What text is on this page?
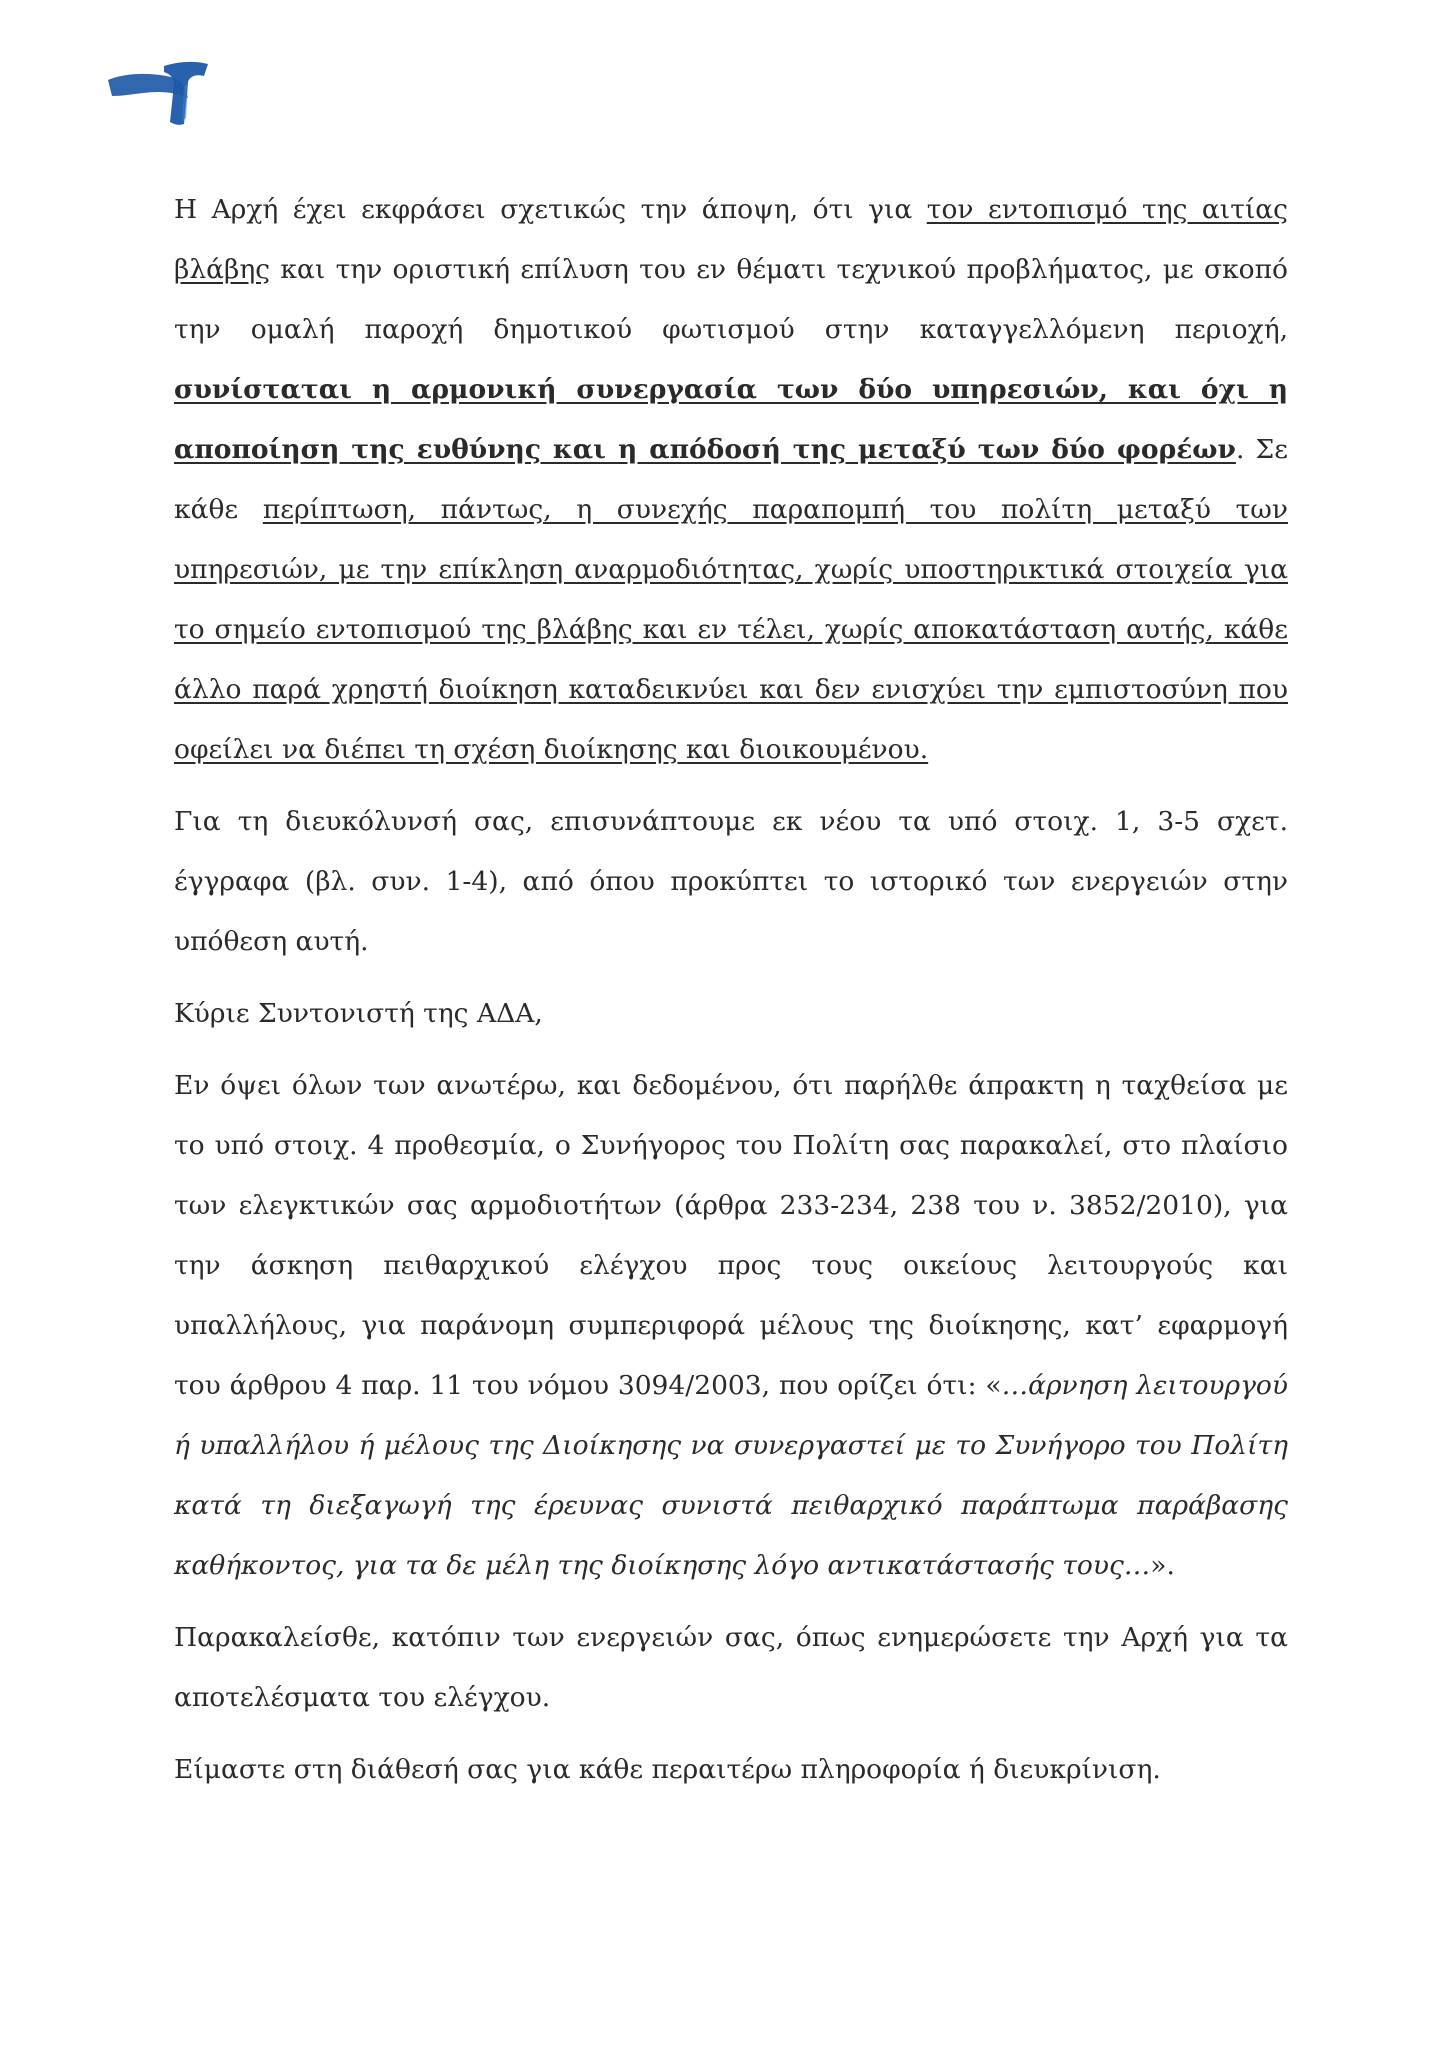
Η Αρχή έχει εκφράσει σχετικώς την άποψη, ότι για τον εντοπισμό της αιτίας βλάβης και την οριστική επίλυση του εν θέματι τεχνικού προβλήματος, με σκοπό την ομαλή παροχή δημοτικού φωτισμού στην καταγγελλόμενη περιοχή, συνίσταται η αρμονική συνεργασία των δύο υπηρεσιών, και όχι η αποποίηση της ευθύνης και η απόδοσή της μεταξύ των δύο φορέων. Σε κάθε περίπτωση, πάντως, η συνεχής παραπομπή του πολίτη μεταξύ των υπηρεσιών, με την επίκληση αναρμοδιότητας, χωρίς υποστηρικτικά στοιχεία για το σημείο εντοπισμού της βλάβης και εν τέλει, χωρίς αποκατάσταση αυτής, κάθε άλλο παρά χρηστή διοίκηση καταδεικνύει και δεν ενισχύει την εμπιστοσύνη που οφείλει να διέπει τη σχέση διοίκησης και διοικουμένου.

Για τη διευκόλυνσή σας, επισυνάπτουμε εκ νέου τα υπό στοιχ. 1, 3-5 σχετ. έγγραφα (βλ. συν. 1-4), από όπου προκύπτει το ιστορικό των ενεργειών στην υπόθεση αυτή.

Κύριε Συντονιστή της ΑΔΑ,

Εν όψει όλων των ανωτέρω, και δεδομένου, ότι παρήλθε άπρακτη η ταχθείσα με το υπό στοιχ. 4 προθεσμία, ο Συνήγορος του Πολίτη σας παρακαλεί, στο πλαίσιο των ελεγκτικών σας αρμοδιοτήτων (άρθρα 233-234, 238 του ν. 3852/2010), για την άσκηση πειθαρχικού ελέγχου προς τους οικείους λειτουργούς και υπαλλήλους, για παράνομη συμπεριφορά μέλους της διοίκησης, κατ’ εφαρμογή του άρθρου 4 παρ. 11 του νόμου 3094/2003, που ορίζει ότι: «…άρνηση λειτουργού ή υπαλλήλου ή μέλους της Διοίκησης να συνεργαστεί με το Συνήγορο του Πολίτη κατά τη διεξαγωγή της έρευνας συνιστά πειθαρχικό παράπτωμα παράβασης καθήκοντος, για τα δε μέλη της διοίκησης λόγο αντικατάστασής τους…».

Παρακαλείσθε, κατόπιν των ενεργειών σας, όπως ενημερώσετε την Αρχή για τα αποτελέσματα του ελέγχου.

Είμαστε στη διάθεσή σας για κάθε περαιτέρω πληροφορία ή διευκρίνιση.
